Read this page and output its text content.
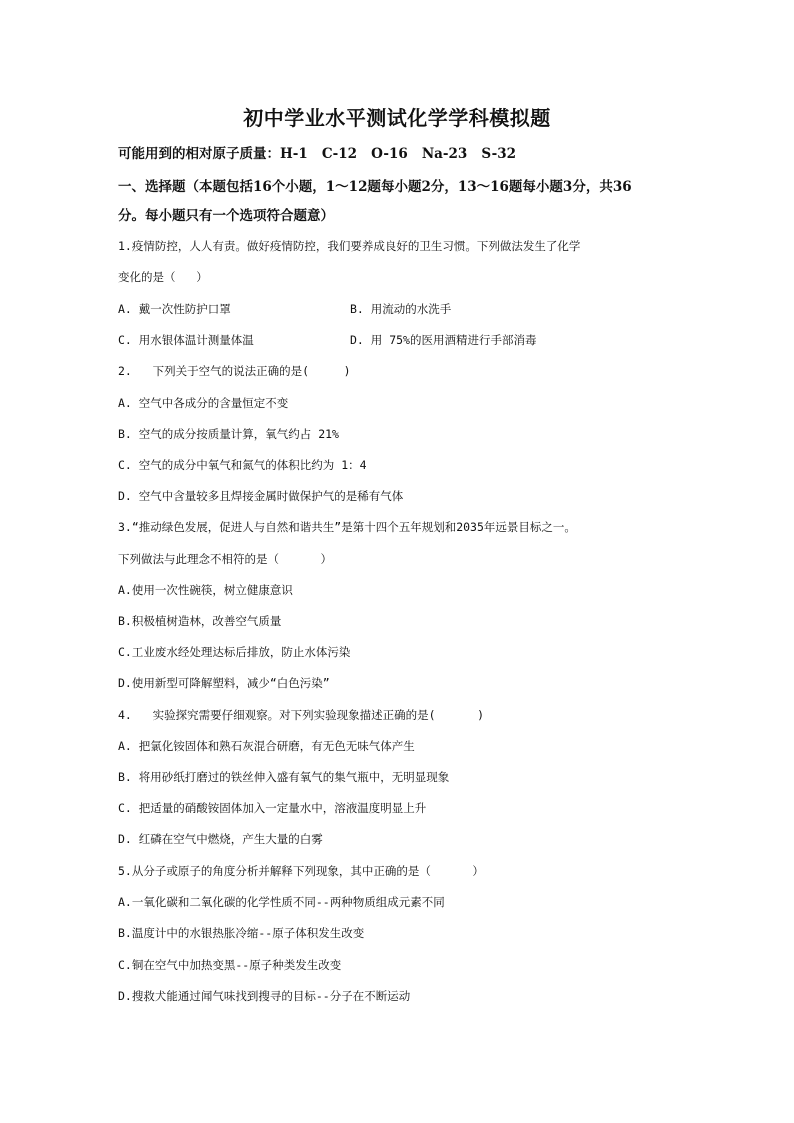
初中学业水平测试化学学科模拟题
可能用到的相对原子质量：H-1   C-12   O-16   Na-23   S-32
一、选择题（本题包括16个小题，1～12题每小题2分，13～16题每小题3分，共36
分。每小题只有一个选项符合题意）
1.疫情防控，人人有责。做好疫情防控，我们要养成良好的卫生习惯。下列做法发生了化学
变化的是（   ）
A. 戴一次性防护口罩	B. 用流动的水洗手
C. 用水银体温计测量体温	D. 用 75%的医用酒精进行手部消毒
2.   下列关于空气的说法正确的是(     )
A. 空气中各成分的含量恒定不变
B. 空气的成分按质量计算，氧气约占 21%
C. 空气的成分中氧气和氮气的体积比约为 1：4
D. 空气中含量较多且焊接金属时做保护气的是稀有气体
3.“推动绿色发展，促进人与自然和谐共生”是第十四个五年规划和2035年远景目标之一。
下列做法与此理念不相符的是（      ）
A.使用一次性碗筷，树立健康意识
B.积极植树造林，改善空气质量
C.工业废水经处理达标后排放，防止水体污染
D.使用新型可降解塑料，减少“白色污染”
4.   实验探究需要仔细观察。对下列实验现象描述正确的是(      )
A. 把氯化铵固体和熟石灰混合研磨，有无色无味气体产生
B. 将用砂纸打磨过的铁丝伸入盛有氧气的集气瓶中，无明显现象
C. 把适量的硝酸铵固体加入一定量水中，溶液温度明显上升
D. 红磷在空气中燃烧，产生大量的白雾
5.从分子或原子的角度分析并解释下列现象，其中正确的是（      ）
A.一氧化碳和二氧化碳的化学性质不同--两种物质组成元素不同
B.温度计中的水银热胀冷缩--原子体积发生改变
C.铜在空气中加热变黑--原子种类发生改变
D.搜救犬能通过闻气味找到搜寻的目标--分子在不断运动
